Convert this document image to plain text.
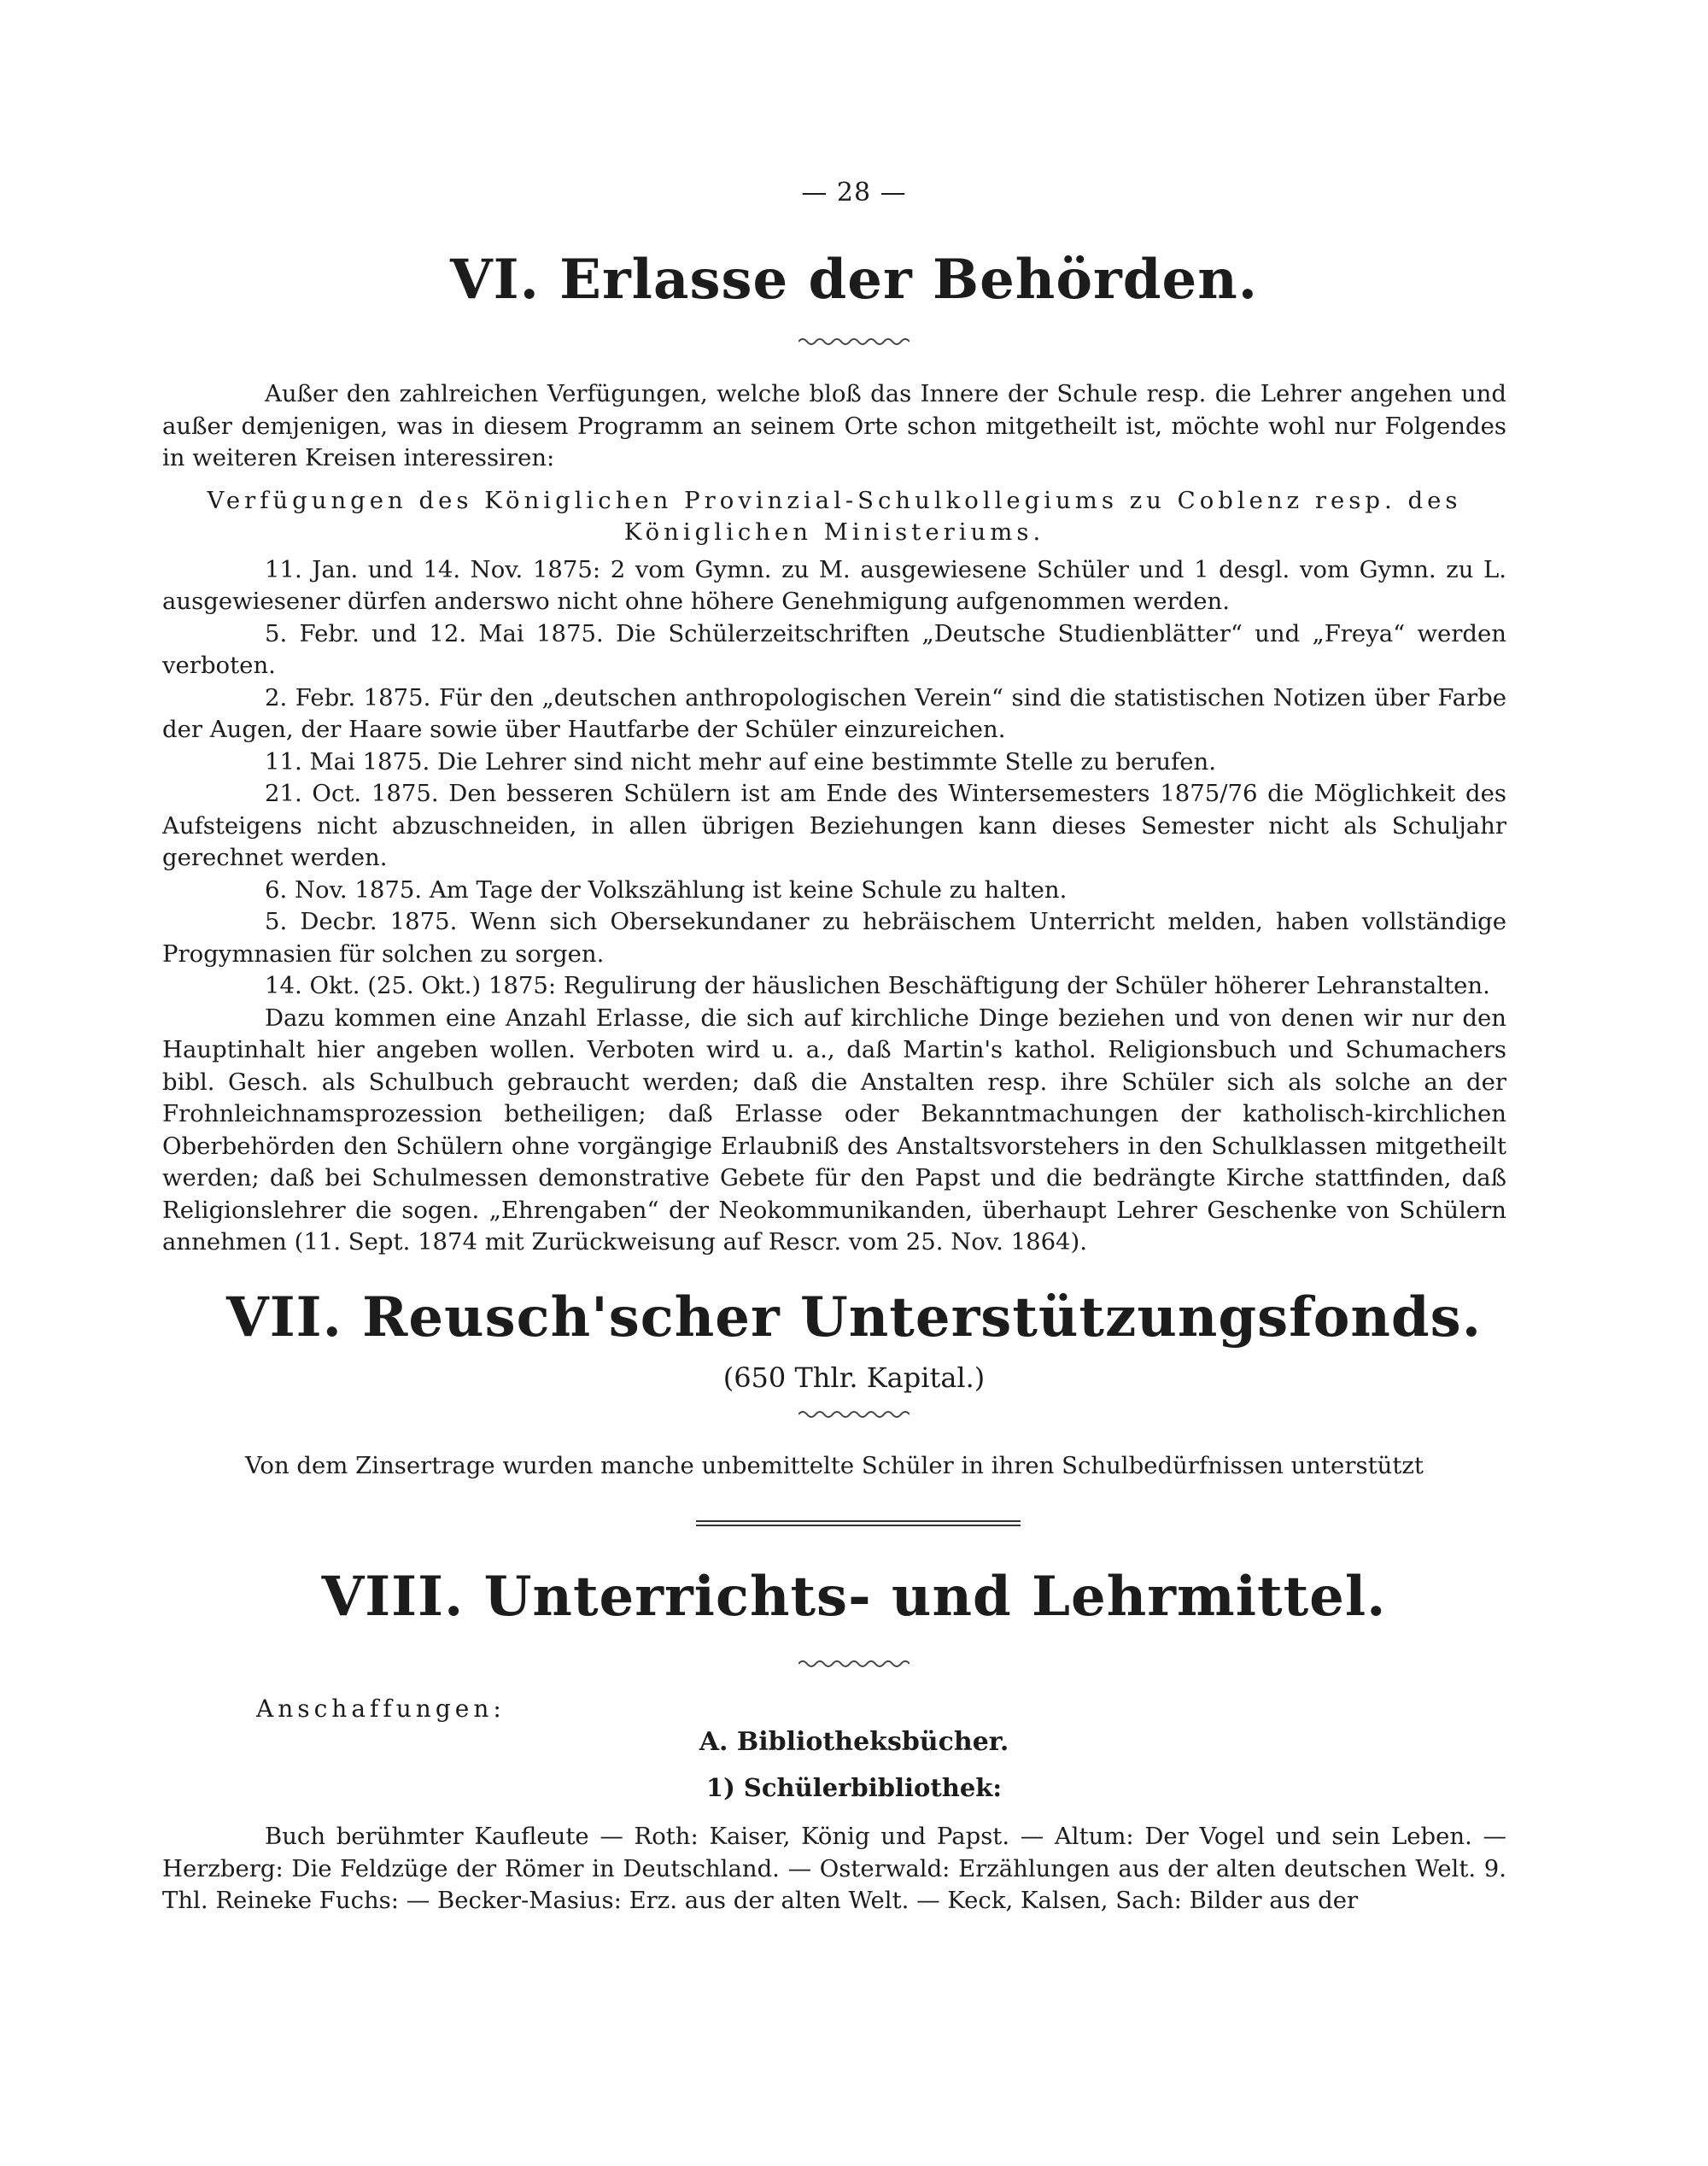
— 28 —
VI. Erlasse der Behörden.

Außer den zahlreichen Verfügungen, welche bloß das Innere der Schule resp. die Lehrer angehen und außer demjenigen, was in diesem Programm an seinem Orte schon mitgetheilt ist, möchte wohl nur Folgendes in weiteren Kreisen interessiren:

Verfügungen des Königlichen Provinzial-Schulkollegiums zu Coblenz resp. des Königlichen Ministeriums.

11. Jan. und 14. Nov. 1875: 2 vom Gymn. zu M. ausgewiesene Schüler und 1 desgl. vom Gymn. zu L. ausgewiesener dürfen anderswo nicht ohne höhere Genehmigung aufgenommen werden.

5. Febr. und 12. Mai 1875. Die Schülerzeitschriften „Deutsche Studienblätter“ und „Freya“ werden verboten.

2. Febr. 1875. Für den „deutschen anthropologischen Verein“ sind die statistischen Notizen über Farbe der Augen, der Haare sowie über Hautfarbe der Schüler einzureichen.

11. Mai 1875. Die Lehrer sind nicht mehr auf eine bestimmte Stelle zu berufen.

21. Oct. 1875. Den besseren Schülern ist am Ende des Wintersemesters 1875/76 die Möglichkeit des Aufsteigens nicht abzuschneiden, in allen übrigen Beziehungen kann dieses Semester nicht als Schuljahr gerechnet werden.

6. Nov. 1875. Am Tage der Volkszählung ist keine Schule zu halten.

5. Decbr. 1875. Wenn sich Obersekundaner zu hebräischem Unterricht melden, haben vollständige Progymnasien für solchen zu sorgen.

14. Okt. (25. Okt.) 1875: Regulirung der häuslichen Beschäftigung der Schüler höherer Lehranstalten.

Dazu kommen eine Anzahl Erlasse, die sich auf kirchliche Dinge beziehen und von denen wir nur den Hauptinhalt hier angeben wollen. Verboten wird u. a., daß Martin's kathol. Religionsbuch und Schumachers bibl. Gesch. als Schulbuch gebraucht werden; daß die Anstalten resp. ihre Schüler sich als solche an der Frohnleichnamsprozession betheiligen; daß Erlasse oder Bekanntmachungen der katholisch-kirchlichen Oberbehörden den Schülern ohne vorgängige Erlaubniß des Anstaltsvorstehers in den Schulklassen mitgetheilt werden; daß bei Schulmessen demonstrative Gebete für den Papst und die bedrängte Kirche stattfinden, daß Religionslehrer die sogen. „Ehrengaben“ der Neokommunikanden, überhaupt Lehrer Geschenke von Schülern annehmen (11. Sept. 1874 mit Zurückweisung auf Rescr. vom 25. Nov. 1864).

VII. Reusch'scher Unterstützungsfonds.
(650 Thlr. Kapital.)
Von dem Zinsertrage wurden manche unbemittelte Schüler in ihren Schulbedürfnissen unterstützt
VIII. Unterrichts- und Lehrmittel.
Anschaffungen:
A. Bibliotheksbücher.
1) Schülerbibliothek:

Buch berühmter Kaufleute — Roth: Kaiser, König und Papst. — Altum: Der Vogel und sein Leben. — Herzberg: Die Feldzüge der Römer in Deutschland. — Osterwald: Erzählungen aus der alten deutschen Welt. 9. Thl. Reineke Fuchs: — Becker-Masius: Erz. aus der alten Welt. — Keck, Kalsen, Sach: Bilder aus der
